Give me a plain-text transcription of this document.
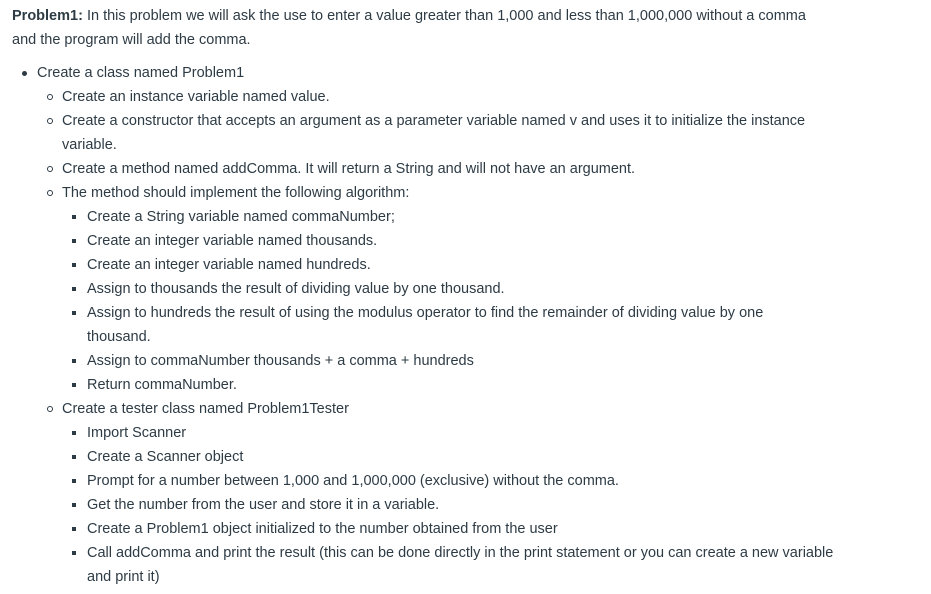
Problem1: In this problem we will ask the use to enter a value greater than 1,000 and less than 1,000,000 without a comma and the program will add the comma.

Create a class named Problem1
Create an instance variable named value.
Create a constructor that accepts an argument as a parameter variable named v and uses it to initialize the instance variable.
Create a method named addComma. It will return a String and will not have an argument.
The method should implement the following algorithm:
Create a String variable named commaNumber;
Create an integer variable named thousands.
Create an integer variable named hundreds.
Assign to thousands the result of dividing value by one thousand.
Assign to hundreds the result of using the modulus operator to find the remainder of dividing value by one thousand.
Assign to commaNumber thousands + a comma + hundreds
Return commaNumber.
Create a tester class named Problem1Tester
Import Scanner
Create a Scanner object
Prompt for a number between 1,000 and 1,000,000 (exclusive) without the comma.
Get the number from the user and store it in a variable.
Create a Problem1 object initialized to the number obtained from the user
Call addComma and print the result (this can be done directly in the print statement or you can create a new variable and print it)
